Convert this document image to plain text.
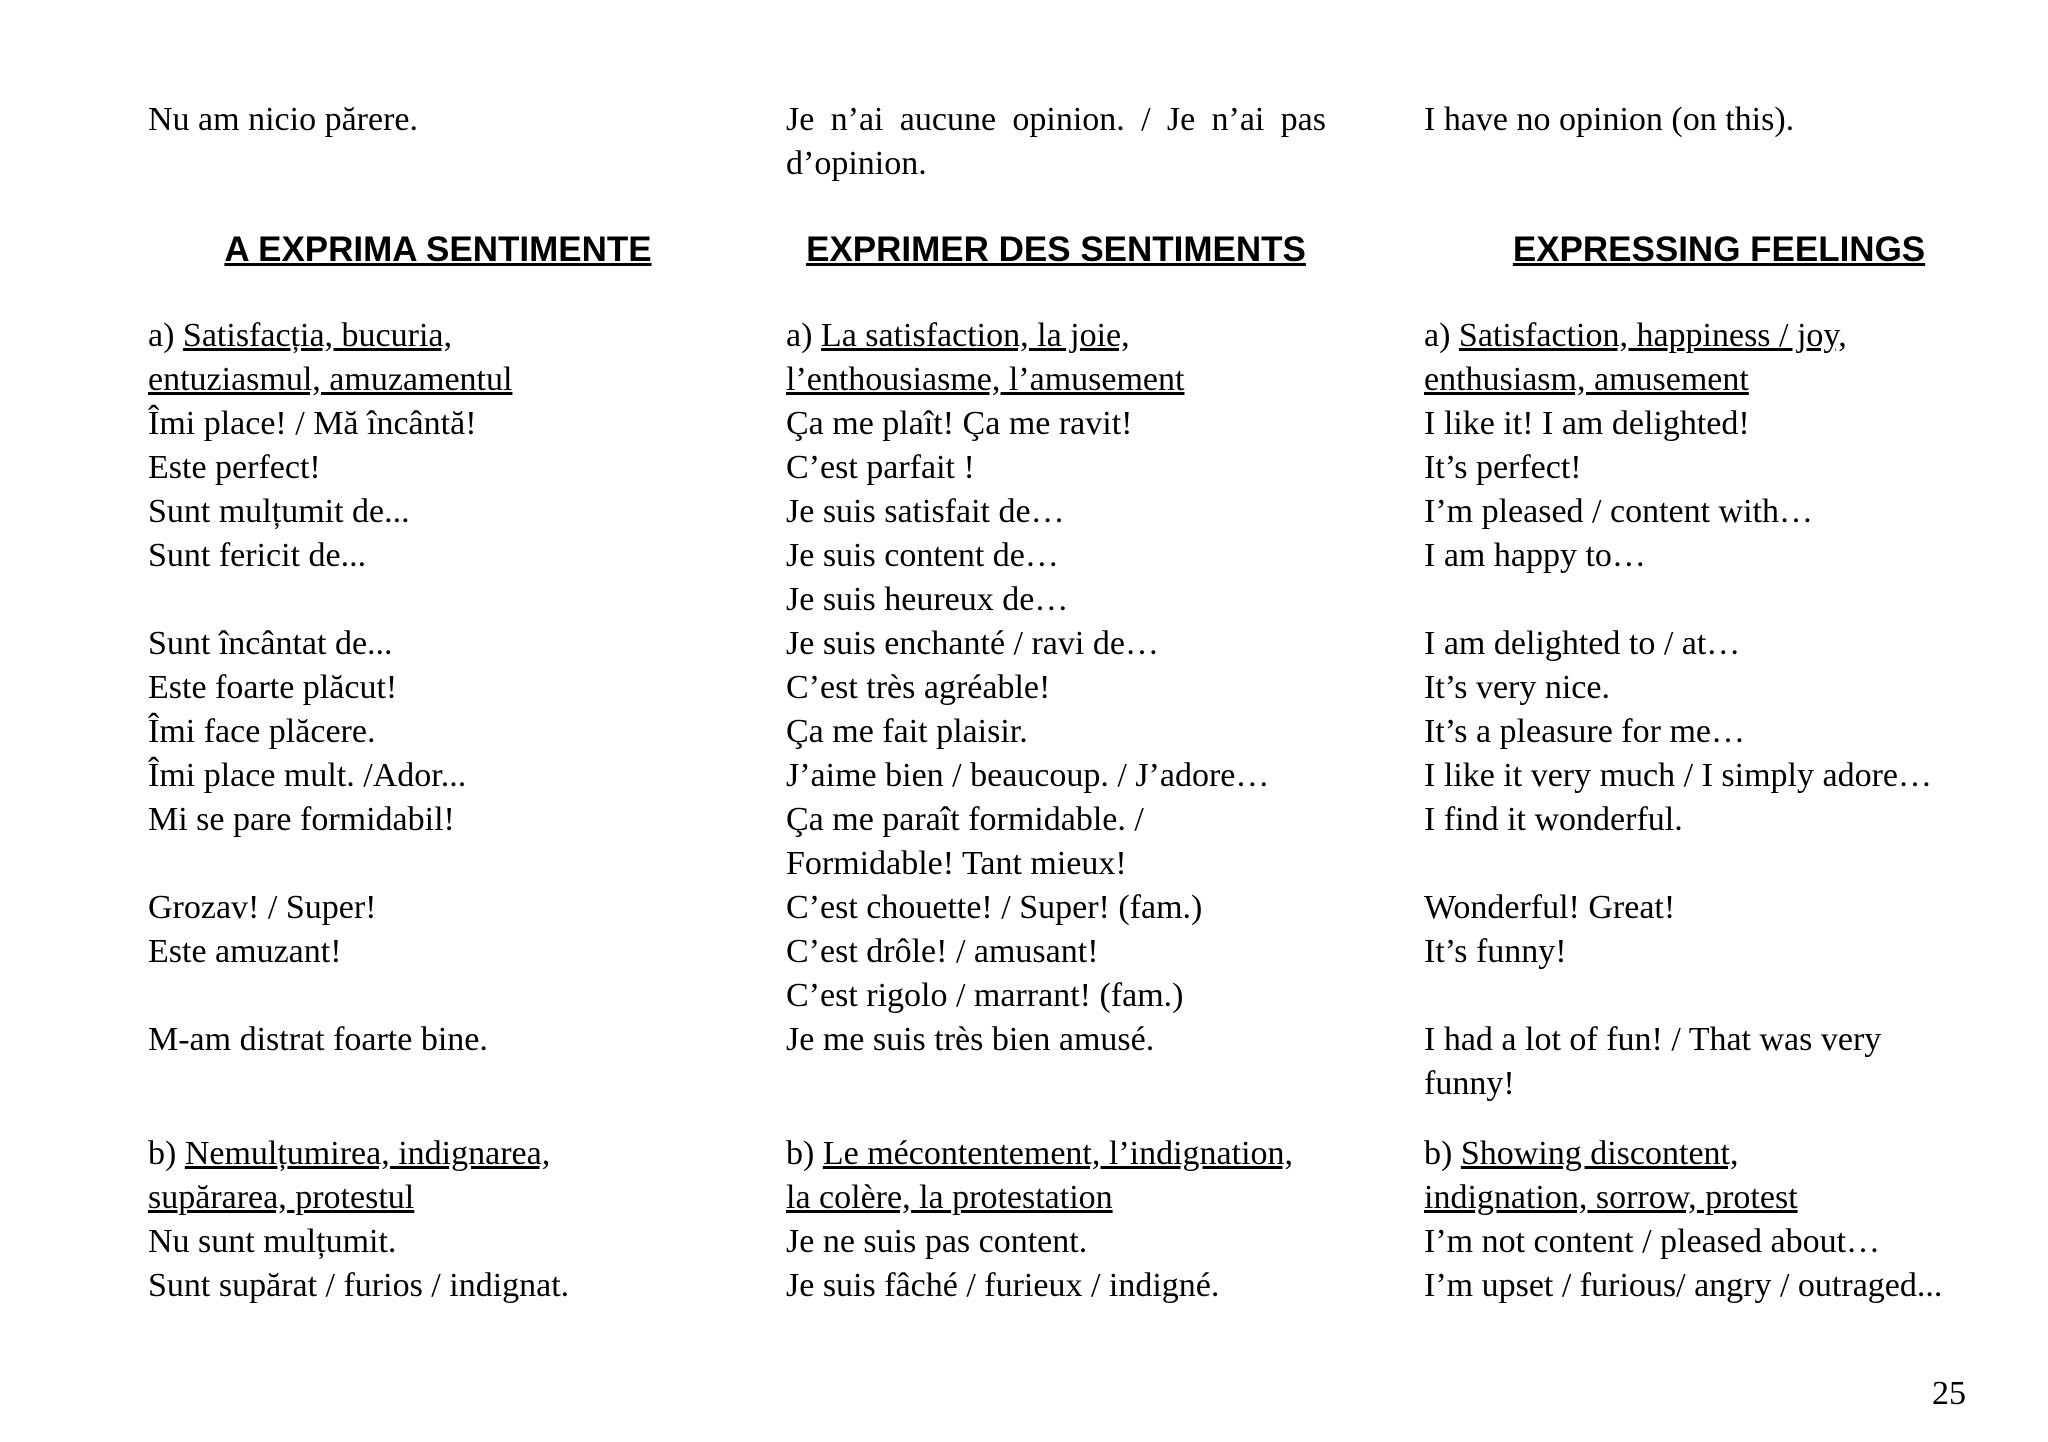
Nu am nicio părere.
A EXPRIMA SENTIMENTE
a) Satisfacția, bucuria,
entuziasmul, amuzamentul
Îmi place! / Mă încântă!
Este perfect!
Sunt mulțumit de...
Sunt fericit de...
Sunt încântat de...
Este foarte plăcut!
Îmi face plăcere.
Îmi place mult. /Ador...
Mi se pare formidabil!
Grozav! / Super!
Este amuzant!
M-am distrat foarte bine.
b) Nemulțumirea, indignarea,
supărarea, protestul
Nu sunt mulțumit.
Sunt supărat / furios / indignat.
Je n’ai aucune opinion. / Je n’ai pas d’opinion.
EXPRIMER DES SENTIMENTS
a) La satisfaction, la joie,
l’enthousiasme, l’amusement
Ça me plaît! Ça me ravit!
C’est parfait !
Je suis satisfait de…
Je suis content de…
Je suis heureux de…
Je suis enchanté / ravi de…
C’est très agréable!
Ça me fait plaisir.
J’aime bien / beaucoup. / J’adore…
Ça me paraît formidable. /
Formidable! Tant mieux!
C’est chouette! / Super! (fam.)
C’est drôle! / amusant!
C’est rigolo / marrant! (fam.)
Je me suis très bien amusé.
b) Le mécontentement, l’indignation,
la colère, la protestation
Je ne suis pas content.
Je suis fâché / furieux / indigné.
I have no opinion (on this).
EXPRESSING FEELINGS
a) Satisfaction, happiness / joy,
enthusiasm, amusement
I like it! I am delighted!
It’s perfect!
I’m pleased / content with…
I am happy to…
I am delighted to / at…
It’s very nice.
It’s a pleasure for me…
I like it very much / I simply adore…
I find it wonderful.
Wonderful! Great!
It’s funny!
I had a lot of fun! / That was very
funny!
b) Showing discontent,
indignation, sorrow, protest
I’m not content / pleased about…
I’m upset / furious/ angry / outraged...
25
